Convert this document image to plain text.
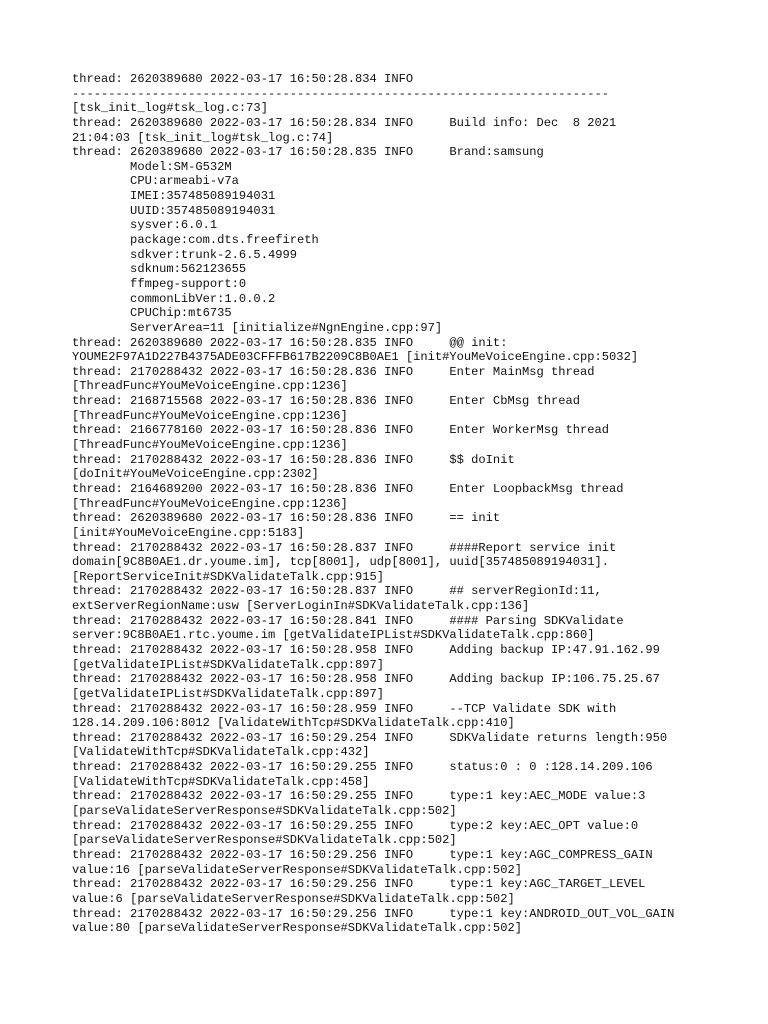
thread: 2620389680 2022-03-17 16:50:28.834 INFO
--------------------------------------------------------------------------
[tsk_init_log#tsk_log.c:73]
thread: 2620389680 2022-03-17 16:50:28.834 INFO     Build info: Dec  8 2021
21:04:03 [tsk_init_log#tsk_log.c:74]
thread: 2620389680 2022-03-17 16:50:28.835 INFO     Brand:samsung
Model:SM-G532M
CPU:armeabi-v7a
IMEI:357485089194031
UUID:357485089194031
sysver:6.0.1
package:com.dts.freefireth
sdkver:trunk-2.6.5.4999
sdknum:562123655
ffmpeg-support:0
commonLibVer:1.0.0.2
CPUChip:mt6735
ServerArea=11 [initialize#NgnEngine.cpp:97]
thread: 2620389680 2022-03-17 16:50:28.835 INFO     @@ init:
YOUME2F97A1D227B4375ADE03CFFFB617B2209C8B0AE1 [init#YouMeVoiceEngine.cpp:5032]
thread: 2170288432 2022-03-17 16:50:28.836 INFO     Enter MainMsg thread
[ThreadFunc#YouMeVoiceEngine.cpp:1236]
thread: 2168715568 2022-03-17 16:50:28.836 INFO     Enter CbMsg thread
[ThreadFunc#YouMeVoiceEngine.cpp:1236]
thread: 2166778160 2022-03-17 16:50:28.836 INFO     Enter WorkerMsg thread
[ThreadFunc#YouMeVoiceEngine.cpp:1236]
thread: 2170288432 2022-03-17 16:50:28.836 INFO     $$ doInit
[doInit#YouMeVoiceEngine.cpp:2302]
thread: 2164689200 2022-03-17 16:50:28.836 INFO     Enter LoopbackMsg thread
[ThreadFunc#YouMeVoiceEngine.cpp:1236]
thread: 2620389680 2022-03-17 16:50:28.836 INFO     == init
[init#YouMeVoiceEngine.cpp:5183]
thread: 2170288432 2022-03-17 16:50:28.837 INFO     ####Report service init
domain[9C8B0AE1.dr.youme.im], tcp[8001], udp[8001], uuid[357485089194031].
[ReportServiceInit#SDKValidateTalk.cpp:915]
thread: 2170288432 2022-03-17 16:50:28.837 INFO     ## serverRegionId:11,
extServerRegionName:usw [ServerLoginIn#SDKValidateTalk.cpp:136]
thread: 2170288432 2022-03-17 16:50:28.841 INFO     #### Parsing SDKValidate
server:9C8B0AE1.rtc.youme.im [getValidateIPList#SDKValidateTalk.cpp:860]
thread: 2170288432 2022-03-17 16:50:28.958 INFO     Adding backup IP:47.91.162.99
[getValidateIPList#SDKValidateTalk.cpp:897]
thread: 2170288432 2022-03-17 16:50:28.958 INFO     Adding backup IP:106.75.25.67
[getValidateIPList#SDKValidateTalk.cpp:897]
thread: 2170288432 2022-03-17 16:50:28.959 INFO     --TCP Validate SDK with
128.14.209.106:8012 [ValidateWithTcp#SDKValidateTalk.cpp:410]
thread: 2170288432 2022-03-17 16:50:29.254 INFO     SDKValidate returns length:950
[ValidateWithTcp#SDKValidateTalk.cpp:432]
thread: 2170288432 2022-03-17 16:50:29.255 INFO     status:0 : 0 :128.14.209.106
[ValidateWithTcp#SDKValidateTalk.cpp:458]
thread: 2170288432 2022-03-17 16:50:29.255 INFO     type:1 key:AEC_MODE value:3
[parseValidateServerResponse#SDKValidateTalk.cpp:502]
thread: 2170288432 2022-03-17 16:50:29.255 INFO     type:2 key:AEC_OPT value:0
[parseValidateServerResponse#SDKValidateTalk.cpp:502]
thread: 2170288432 2022-03-17 16:50:29.256 INFO     type:1 key:AGC_COMPRESS_GAIN
value:16 [parseValidateServerResponse#SDKValidateTalk.cpp:502]
thread: 2170288432 2022-03-17 16:50:29.256 INFO     type:1 key:AGC_TARGET_LEVEL
value:6 [parseValidateServerResponse#SDKValidateTalk.cpp:502]
thread: 2170288432 2022-03-17 16:50:29.256 INFO     type:1 key:ANDROID_OUT_VOL_GAIN
value:80 [parseValidateServerResponse#SDKValidateTalk.cpp:502]
